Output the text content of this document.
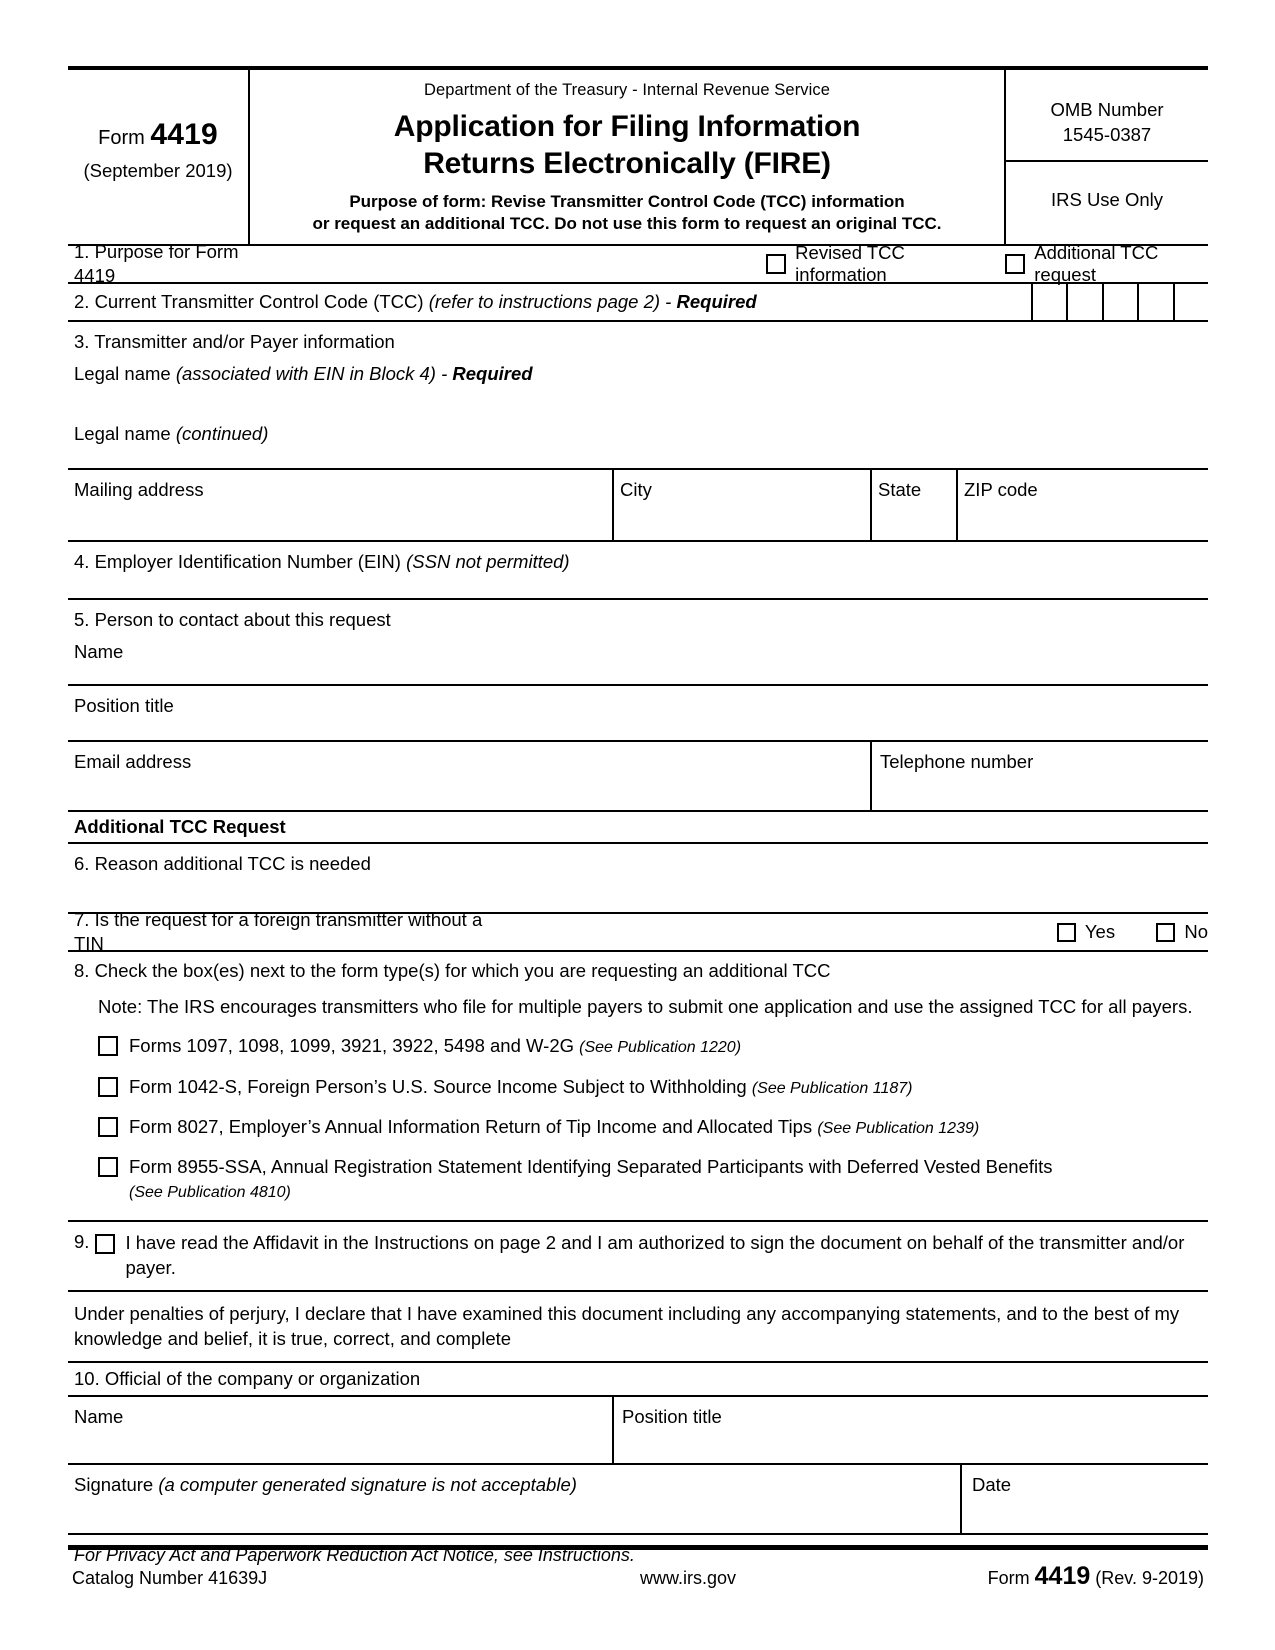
Form 4419
(September 2019)
Department of the Treasury - Internal Revenue Service
Application for Filing Information
Returns Electronically (FIRE)
Purpose of form: Revise Transmitter Control Code (TCC) information
or request an additional TCC. Do not use this form to request an original TCC.
OMB Number
1545-0387
IRS Use Only
1. Purpose for Form 4419
Revised TCC information
Additional TCC request
2. Current Transmitter Control Code (TCC) (refer to instructions page 2) - Required
3. Transmitter and/or Payer information
Legal name (associated with EIN in Block 4) - Required
Legal name (continued)
Mailing address	City	State	ZIP code
4. Employer Identification Number (EIN) (SSN not permitted)
5. Person to contact about this request
Name
Position title
Email address	Telephone number
Additional TCC Request
6. Reason additional TCC is needed
7. Is the request for a foreign transmitter without a TIN
Yes	No
8. Check the box(es) next to the form type(s) for which you are requesting an additional TCC
Note: The IRS encourages transmitters who file for multiple payers to submit one application and use the assigned TCC for all payers.
Forms 1097, 1098, 1099, 3921, 3922, 5498 and W-2G (See Publication 1220)
Form 1042-S, Foreign Person’s U.S. Source Income Subject to Withholding (See Publication 1187)
Form 8027, Employer’s Annual Information Return of Tip Income and Allocated Tips (See Publication 1239)
Form 8955-SSA, Annual Registration Statement Identifying Separated Participants with Deferred Vested Benefits
(See Publication 4810)
9. I have read the Affidavit in the Instructions on page 2 and I am authorized to sign the document on behalf of the transmitter and/or payer.
Under penalties of perjury, I declare that I have examined this document including any accompanying statements, and to the best of my knowledge and belief, it is true, correct, and complete
10. Official of the company or organization
Name	Position title
Signature (a computer generated signature is not acceptable)	Date
For Privacy Act and Paperwork Reduction Act Notice, see Instructions.
Catalog Number 41639J	www.irs.gov	Form 4419 (Rev. 9-2019)
